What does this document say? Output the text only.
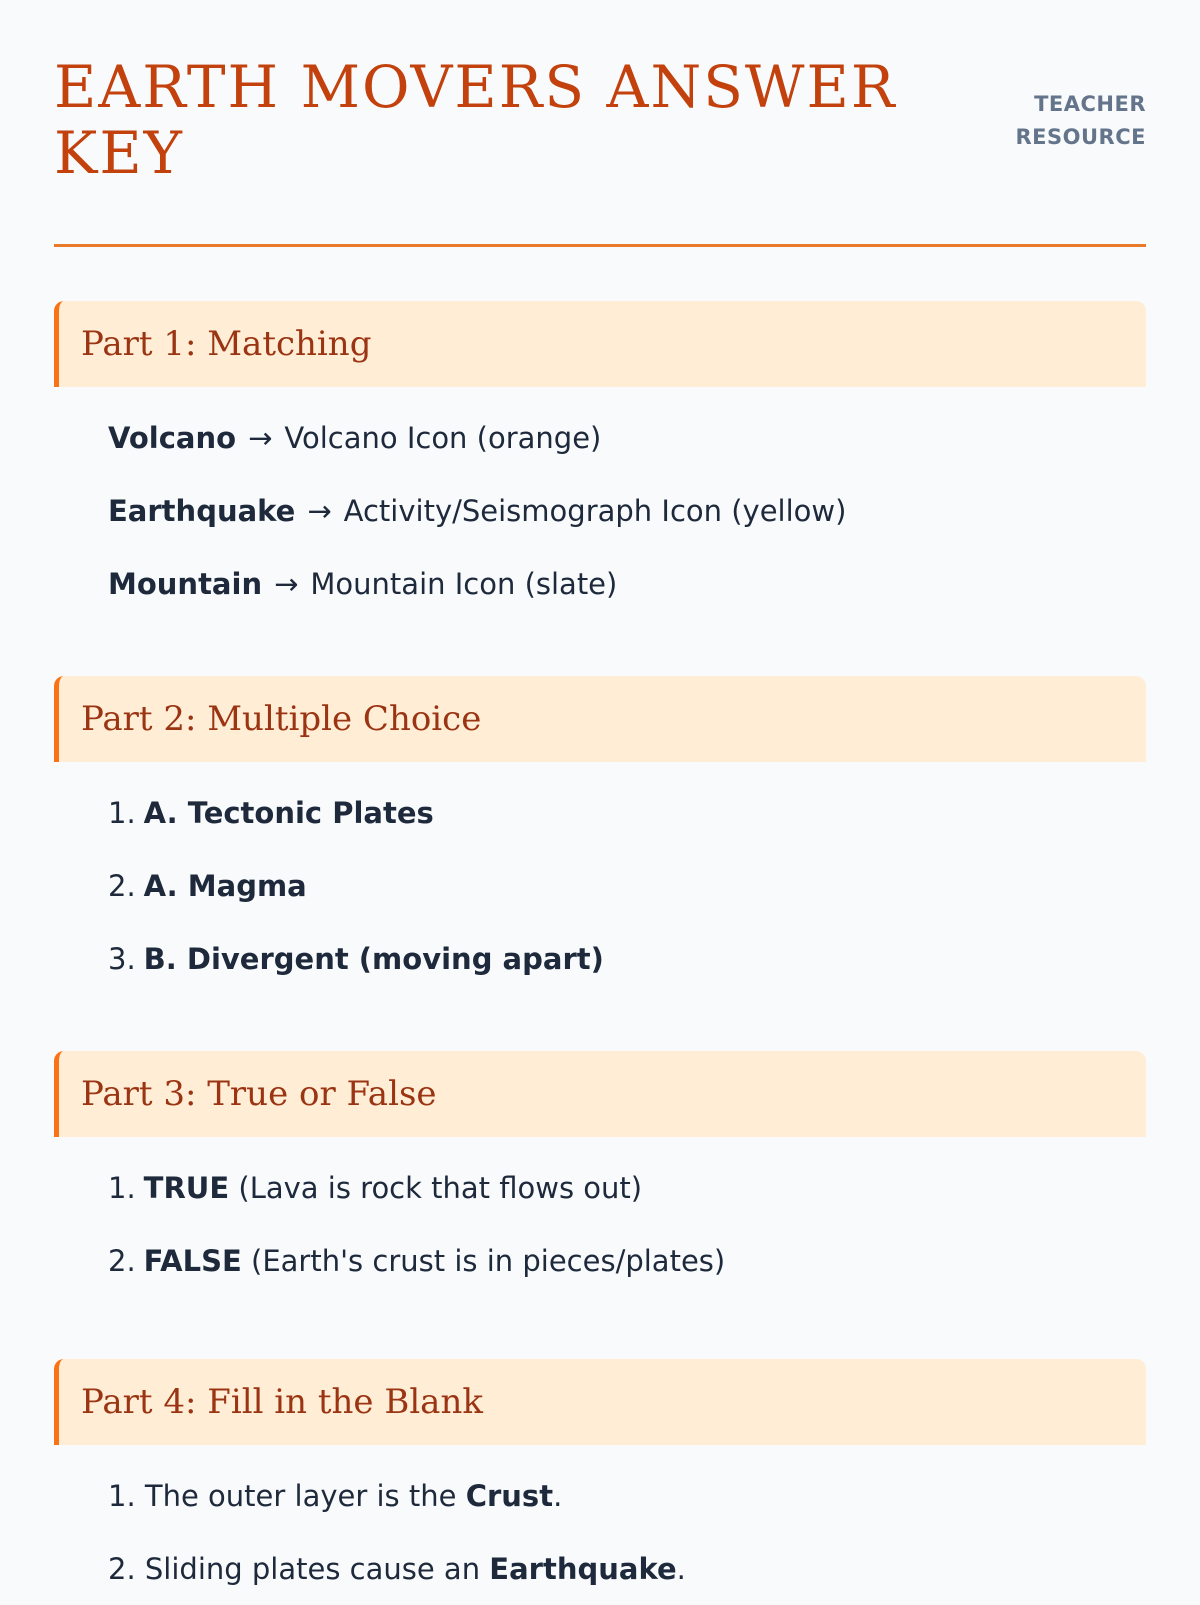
EARTH MOVERS ANSWER KEY
TEACHER
RESOURCE
Part 1: Matching
Volcano → Volcano Icon (orange)
Earthquake → Activity/Seismograph Icon (yellow)
Mountain → Mountain Icon (slate)
Part 2: Multiple Choice
1. A. Tectonic Plates
2. A. Magma
3. B. Divergent (moving apart)
Part 3: True or False
1. TRUE (Lava is rock that flows out)
2. FALSE (Earth's crust is in pieces/plates)
Part 4: Fill in the Blank
1. The outer layer is the Crust .
2. Sliding plates cause an Earthquake .
